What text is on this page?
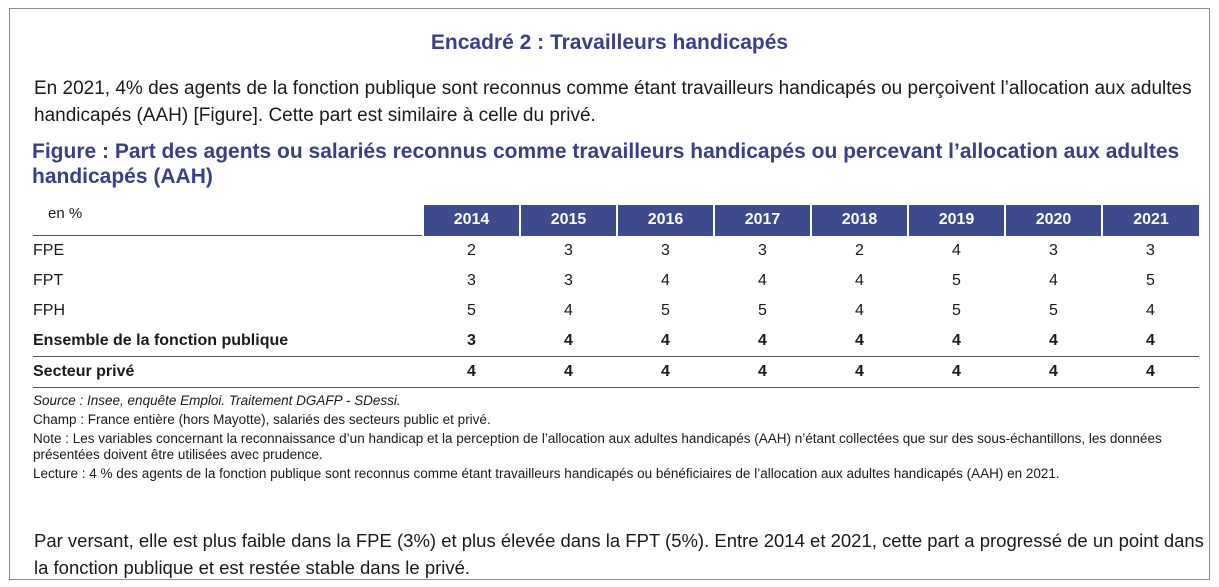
Encadré 2 : Travailleurs handicapés

En 2021, 4% des agents de la fonction publique sont reconnus comme étant travailleurs handicapés ou perçoivent l’allocation aux adultes handicapés (AAH) [Figure]. Cette part est similaire à celle du privé.

Figure : Part des agents ou salariés reconnus comme travailleurs handicapés ou percevant l’allocation aux adultes handicapés (AAH)
en %	2014	2015	2016	2017	2018	2019	2020	2021
FPE	2	3	3	3	2	4	3	3
FPT	3	3	4	4	4	5	4	5
FPH	5	4	5	5	4	5	5	4
Ensemble de la fonction publique	3	4	4	4	4	4	4	4
Secteur privé	4	4	4	4	4	4	4	4

Source : Insee, enquête Emploi. Traitement DGAFP - SDessi.

Champ : France entière (hors Mayotte), salariés des secteurs public et privé.

Note : Les variables concernant la reconnaissance d’un handicap et la perception de l’allocation aux adultes handicapés (AAH) n’étant collectées que sur des sous-échantillons, les données présentées doivent être utilisées avec prudence.

Lecture : 4 % des agents de la fonction publique sont reconnus comme étant travailleurs handicapés ou bénéficiaires de l’allocation aux adultes handicapés (AAH) en 2021.

Par versant, elle est plus faible dans la FPE (3%) et plus élevée dans la FPT (5%). Entre 2014 et 2021, cette part a progressé de un point dans la fonction publique et est restée stable dans le privé.
